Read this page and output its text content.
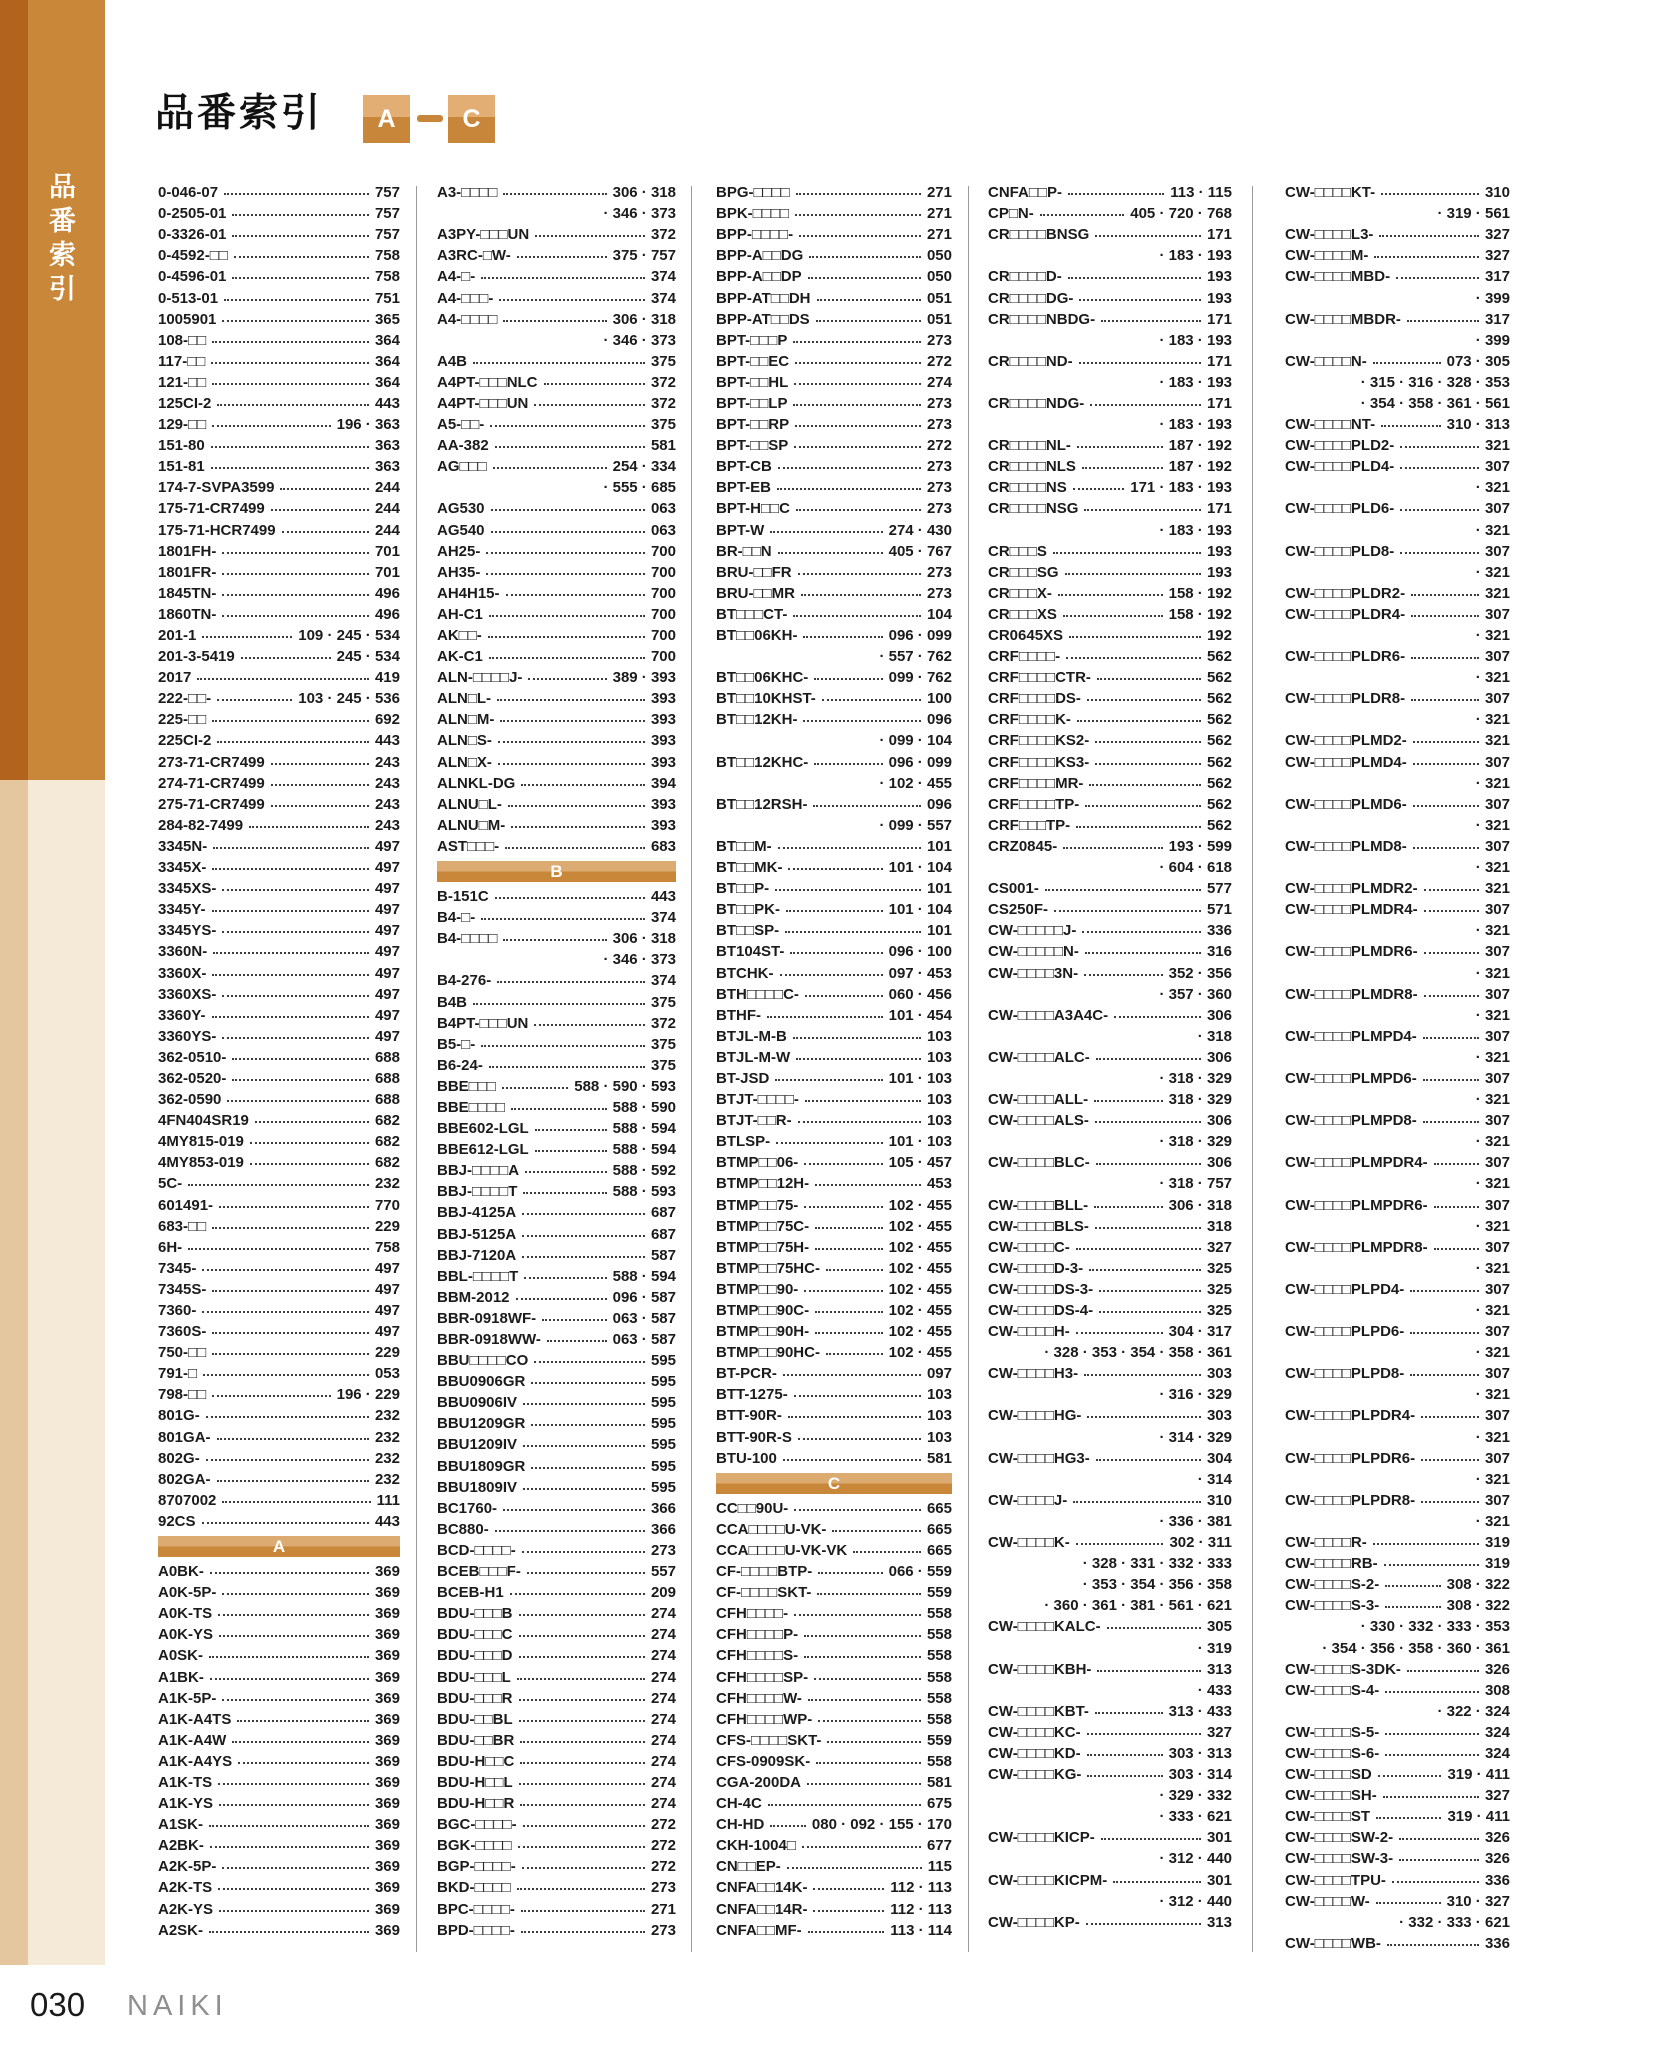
品番索引
品番索引	A	C
0-046-07	757
0-2505-01	757
0-3326-01	757
0-4592-□□	758
0-4596-01	758
0-513-01	751
1005901	365
108-□□	364
117-□□	364
121-□□	364
125CI-2	443
129-□□	196 · 363
151-80	363
151-81	363
174-7-SVPA3599	244
175-71-CR7499	244
175-71-HCR7499	244
1801FH-	701
1801FR-	701
1845TN-	496
1860TN-	496
201-1	109 · 245 · 534
201-3-5419	245 · 534
2017	419
222-□□-	103 · 245 · 536
225-□□	692
225CI-2	443
273-71-CR7499	243
274-71-CR7499	243
275-71-CR7499	243
284-82-7499	243
3345N-	497
3345X-	497
3345XS-	497
3345Y-	497
3345YS-	497
3360N-	497
3360X-	497
3360XS-	497
3360Y-	497
3360YS-	497
362-0510-	688
362-0520-	688
362-0590	688
4FN404SR19	682
4MY815-019	682
4MY853-019	682
5C-	232
601491-	770
683-□□	229
6H-	758
7345-	497
7345S-	497
7360-	497
7360S-	497
750-□□	229
791-□	053
798-□□	196 · 229
801G-	232
801GA-	232
802G-	232
802GA-	232
8707002	111
92CS	443
A
A0BK-	369
A0K-5P-	369
A0K-TS	369
A0K-YS	369
A0SK-	369
A1BK-	369
A1K-5P-	369
A1K-A4TS	369
A1K-A4W	369
A1K-A4YS	369
A1K-TS	369
A1K-YS	369
A1SK-	369
A2BK-	369
A2K-5P-	369
A2K-TS	369
A2K-YS	369
A2SK-	369
A3-□□□□	306 · 318
· 346 · 373
A3PY-□□□UN	372
A3RC-□W-	375 · 757
A4-□-	374
A4-□□□-	374
A4-□□□□	306 · 318
· 346 · 373
A4B	375
A4PT-□□□NLC	372
A4PT-□□□UN	372
A5-□□-	375
AA-382	581
AG□□□	254 · 334
· 555 · 685
AG530	063
AG540	063
AH25-	700
AH35-	700
AH4H15-	700
AH-C1	700
AK□□-	700
AK-C1	700
ALN-□□□□J-	389 · 393
ALN□L-	393
ALN□M-	393
ALN□S-	393
ALN□X-	393
ALNKL-DG	394
ALNU□L-	393
ALNU□M-	393
AST□□□-	683
B
B-151C	443
B4-□-	374
B4-□□□□	306 · 318
· 346 · 373
B4-276-	374
B4B	375
B4PT-□□□UN	372
B5-□-	375
B6-24-	375
BBE□□□	588 · 590 · 593
BBE□□□□	588 · 590
BBE602-LGL	588 · 594
BBE612-LGL	588 · 594
BBJ-□□□□A	588 · 592
BBJ-□□□□T	588 · 593
BBJ-4125A	687
BBJ-5125A	687
BBJ-7120A	587
BBL-□□□□T	588 · 594
BBM-2012	096 · 587
BBR-0918WF-	063 · 587
BBR-0918WW-	063 · 587
BBU□□□□CO	595
BBU0906GR	595
BBU0906IV	595
BBU1209GR	595
BBU1209IV	595
BBU1809GR	595
BBU1809IV	595
BC1760-	366
BC880-	366
BCD-□□□□-	273
BCEB□□□F-	557
BCEB-H1	209
BDU-□□□B	274
BDU-□□□C	274
BDU-□□□D	274
BDU-□□□L	274
BDU-□□□R	274
BDU-□□BL	274
BDU-□□BR	274
BDU-H□□C	274
BDU-H□□L	274
BDU-H□□R	274
BGC-□□□□-	272
BGK-□□□□	272
BGP-□□□□-	272
BKD-□□□□	273
BPC-□□□□-	271
BPD-□□□□-	273
BPG-□□□□	271
BPK-□□□□	271
BPP-□□□□-	271
BPP-A□□DG	050
BPP-A□□DP	050
BPP-AT□□DH	051
BPP-AT□□DS	051
BPT-□□□P	273
BPT-□□EC	272
BPT-□□HL	274
BPT-□□LP	273
BPT-□□RP	273
BPT-□□SP	272
BPT-CB	273
BPT-EB	273
BPT-H□□C	273
BPT-W	274 · 430
BR-□□N	405 · 767
BRU-□□FR	273
BRU-□□MR	273
BT□□□CT-	104
BT□□06KH-	096 · 099
· 557 · 762
BT□□06KHC-	099 · 762
BT□□10KHST-	100
BT□□12KH-	096
· 099 · 104
BT□□12KHC-	096 · 099
· 102 · 455
BT□□12RSH-	096
· 099 · 557
BT□□M-	101
BT□□MK-	101 · 104
BT□□P-	101
BT□□PK-	101 · 104
BT□□SP-	101
BT104ST-	096 · 100
BTCHK-	097 · 453
BTH□□□□C-	060 · 456
BTHF-	101 · 454
BTJL-M-B	103
BTJL-M-W	103
BT-JSD	101 · 103
BTJT-□□□□-	103
BTJT-□□R-	103
BTLSP-	101 · 103
BTMP□□06-	105 · 457
BTMP□□12H-	453
BTMP□□75-	102 · 455
BTMP□□75C-	102 · 455
BTMP□□75H-	102 · 455
BTMP□□75HC-	102 · 455
BTMP□□90-	102 · 455
BTMP□□90C-	102 · 455
BTMP□□90H-	102 · 455
BTMP□□90HC-	102 · 455
BT-PCR-	097
BTT-1275-	103
BTT-90R-	103
BTT-90R-S	103
BTU-100	581
C
CC□□90U-	665
CCA□□□□U-VK-	665
CCA□□□□U-VK-VK	665
CF-□□□□BTP-	066 · 559
CF-□□□□SKT-	559
CFH□□□□-	558
CFH□□□□P-	558
CFH□□□□S-	558
CFH□□□□SP-	558
CFH□□□□W-	558
CFH□□□□WP-	558
CFS-□□□□SKT-	559
CFS-0909SK-	558
CGA-200DA	581
CH-4C	675
CH-HD	080 · 092 · 155 · 170
CKH-1004□	677
CN□□EP-	115
CNFA□□14K-	112 · 113
CNFA□□14R-	112 · 113
CNFA□□MF-	113 · 114
CNFA□□P-	113 · 115
CP□N-	405 · 720 · 768
CR□□□□BNSG	171
· 183 · 193
CR□□□□D-	193
CR□□□□DG-	193
CR□□□□NBDG-	171
· 183 · 193
CR□□□□ND-	171
· 183 · 193
CR□□□□NDG-	171
· 183 · 193
CR□□□□NL-	187 · 192
CR□□□□NLS	187 · 192
CR□□□□NS	171 · 183 · 193
CR□□□□NSG	171
· 183 · 193
CR□□□S	193
CR□□□SG	193
CR□□□X-	158 · 192
CR□□□XS	158 · 192
CR0645XS	192
CRF□□□□-	562
CRF□□□□CTR-	562
CRF□□□□DS-	562
CRF□□□□K-	562
CRF□□□□KS2-	562
CRF□□□□KS3-	562
CRF□□□□MR-	562
CRF□□□□TP-	562
CRF□□□TP-	562
CRZ0845-	193 · 599
· 604 · 618
CS001-	577
CS250F-	571
CW-□□□□□J-	336
CW-□□□□□N-	316
CW-□□□□3N-	352 · 356
· 357 · 360
CW-□□□□A3A4C-	306
· 318
CW-□□□□ALC-	306
· 318 · 329
CW-□□□□ALL-	318 · 329
CW-□□□□ALS-	306
· 318 · 329
CW-□□□□BLC-	306
· 318 · 757
CW-□□□□BLL-	306 · 318
CW-□□□□BLS-	318
CW-□□□□C-	327
CW-□□□□D-3-	325
CW-□□□□DS-3-	325
CW-□□□□DS-4-	325
CW-□□□□H-	304 · 317
· 328 · 353 · 354 · 358 · 361
CW-□□□□H3-	303
· 316 · 329
CW-□□□□HG-	303
· 314 · 329
CW-□□□□HG3-	304
· 314
CW-□□□□J-	310
· 336 · 381
CW-□□□□K-	302 · 311
· 328 · 331 · 332 · 333
· 353 · 354 · 356 · 358
· 360 · 361 · 381 · 561 · 621
CW-□□□□KALC-	305
· 319
CW-□□□□KBH-	313
· 433
CW-□□□□KBT-	313 · 433
CW-□□□□KC-	327
CW-□□□□KD-	303 · 313
CW-□□□□KG-	303 · 314
· 329 · 332
· 333 · 621
CW-□□□□KICP-	301
· 312 · 440
CW-□□□□KICPM-	301
· 312 · 440
CW-□□□□KP-	313
CW-□□□□KT-	310
· 319 · 561
CW-□□□□L3-	327
CW-□□□□M-	327
CW-□□□□MBD-	317
· 399
CW-□□□□MBDR-	317
· 399
CW-□□□□N-	073 · 305
· 315 · 316 · 328 · 353
· 354 · 358 · 361 · 561
CW-□□□□NT-	310 · 313
CW-□□□□PLD2-	321
CW-□□□□PLD4-	307
· 321
CW-□□□□PLD6-	307
· 321
CW-□□□□PLD8-	307
· 321
CW-□□□□PLDR2-	321
CW-□□□□PLDR4-	307
· 321
CW-□□□□PLDR6-	307
· 321
CW-□□□□PLDR8-	307
· 321
CW-□□□□PLMD2-	321
CW-□□□□PLMD4-	307
· 321
CW-□□□□PLMD6-	307
· 321
CW-□□□□PLMD8-	307
· 321
CW-□□□□PLMDR2-	321
CW-□□□□PLMDR4-	307
· 321
CW-□□□□PLMDR6-	307
· 321
CW-□□□□PLMDR8-	307
· 321
CW-□□□□PLMPD4-	307
· 321
CW-□□□□PLMPD6-	307
· 321
CW-□□□□PLMPD8-	307
· 321
CW-□□□□PLMPDR4-	307
· 321
CW-□□□□PLMPDR6-	307
· 321
CW-□□□□PLMPDR8-	307
· 321
CW-□□□□PLPD4-	307
· 321
CW-□□□□PLPD6-	307
· 321
CW-□□□□PLPD8-	307
· 321
CW-□□□□PLPDR4-	307
· 321
CW-□□□□PLPDR6-	307
· 321
CW-□□□□PLPDR8-	307
· 321
CW-□□□□R-	319
CW-□□□□RB-	319
CW-□□□□S-2-	308 · 322
CW-□□□□S-3-	308 · 322
· 330 · 332 · 333 · 353
· 354 · 356 · 358 · 360 · 361
CW-□□□□S-3DK-	326
CW-□□□□S-4-	308
· 322 · 324
CW-□□□□S-5-	324
CW-□□□□S-6-	324
CW-□□□□SD	319 · 411
CW-□□□□SH-	327
CW-□□□□ST	319 · 411
CW-□□□□SW-2-	326
CW-□□□□SW-3-	326
CW-□□□□TPU-	336
CW-□□□□W-	310 · 327
· 332 · 333 · 621
CW-□□□□WB-	336
030 NAIKI
